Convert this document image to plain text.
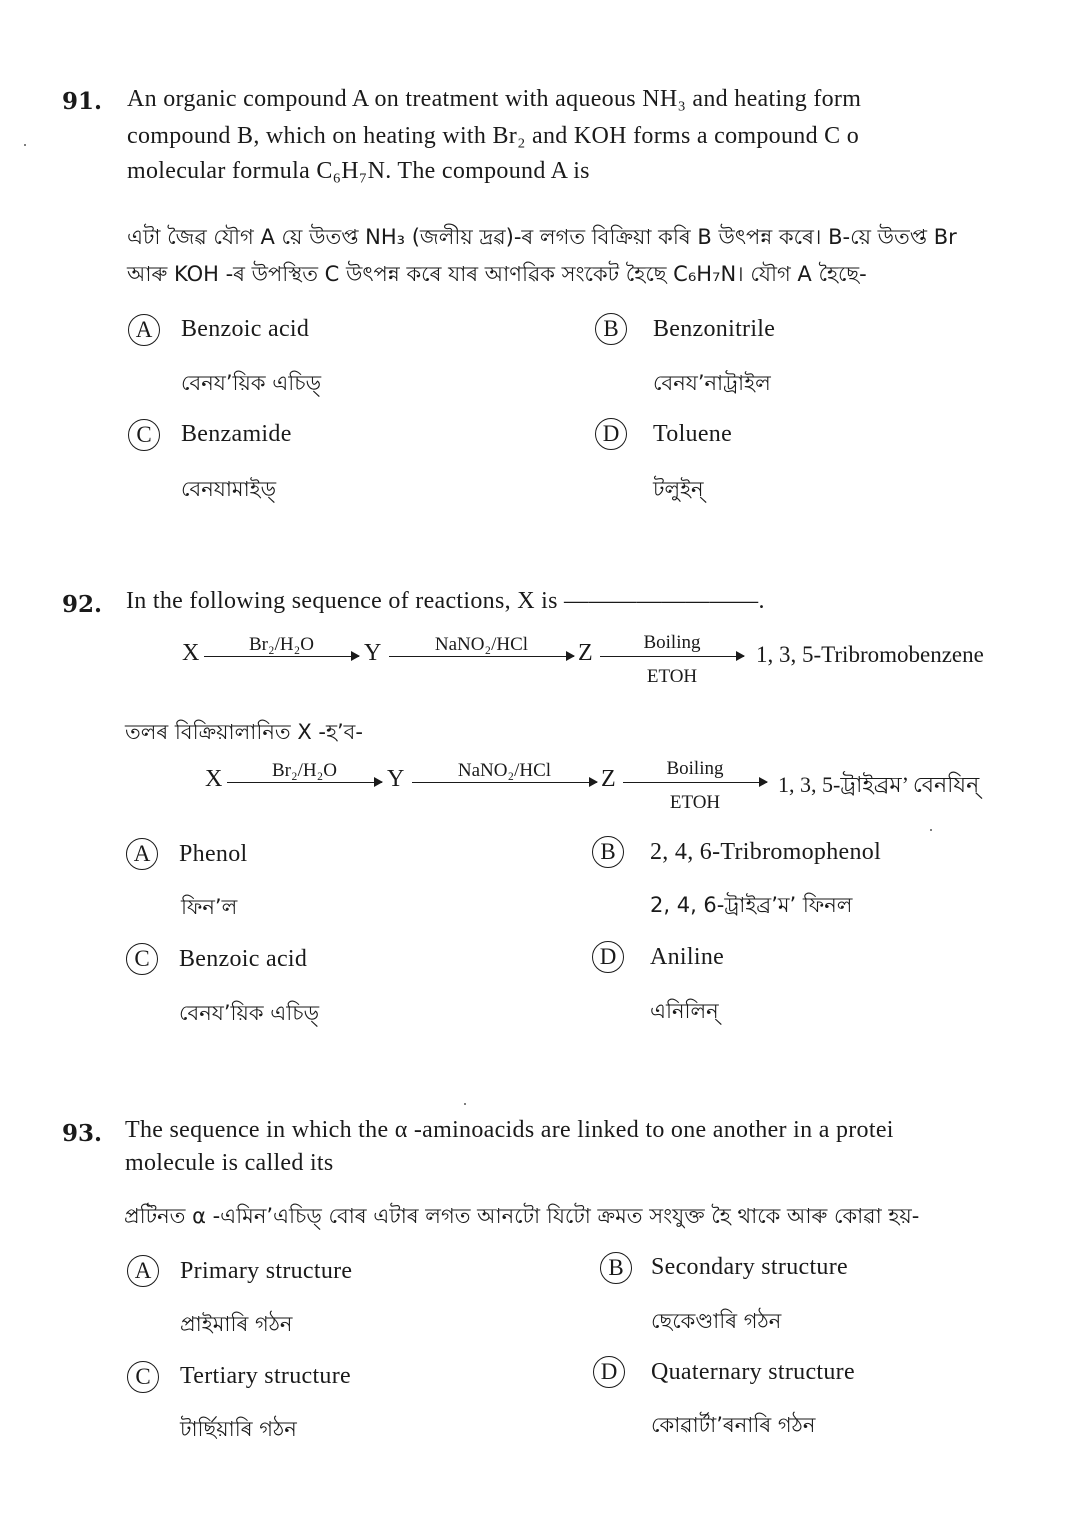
91. An organic compound A on treatment with aqueous NH₃ and heating form
compound B, which on heating with Br₂ and KOH forms a compound C o
molecular formula C₆H₇N. The compound A is
এটা জৈৱ যৌগ A য়ে উতপ্ত NH₃ (জলীয় দ্ৰৱ)-ৰ লগত বিক্ৰিয়া কৰি B উৎপন্ন কৰে। B-য়ে উতপ্ত Br
আৰু KOH -ৰ উপস্থিত C উৎপন্ন কৰে যাৰ আণৱিক সংকেট হৈছে C₆H₇N। যৌগ A হৈছে-
A	Benzoic acid
বেনয’য়িক এচিড্
B	Benzonitrile
বেনয’নাট্ৰাইল
C	Benzamide
বেনযামাইড্
D	Toluene
টলুইন্
92. In the following sequence of reactions, X is ————————.
X	Br₂/H₂O	Y	NaNO₂/HCl	Z	Boiling
ETOH
1, 3, 5-Tribromobenzene
তলৰ বিক্ৰিয়ালানিত X -হ’ব-
X	Br₂/H₂O	Y	NaNO₂/HCl	Z	Boiling
ETOH
1, 3, 5-ট্ৰাইব্ৰম’ বেনযিন্
A	Phenol
ফিন’ল
B	2, 4, 6-Tribromophenol
2, 4, 6-ট্ৰাইব্ৰ’ম’ ফিনল
C	Benzoic acid
বেনয’য়িক এচিড্
D	Aniline
এনিলিন্
93. The sequence in which the α -aminoacids are linked to one another in a protei
molecule is called its
প্ৰটিনত α -এমিন’এচিড্ বোৰ এটাৰ লগত আনটো যিটো ক্ৰমত সংযুক্ত হৈ থাকে আৰু কোৱা হয়-
A	Primary structure
প্ৰাইমাৰি গঠন
B	Secondary structure
ছেকেণ্ডাৰি গঠন
C	Tertiary structure
টাৰ্ছিয়াৰি গঠন
D	Quaternary structure
কোৱাৰ্টা’ৰনাৰি গঠন
